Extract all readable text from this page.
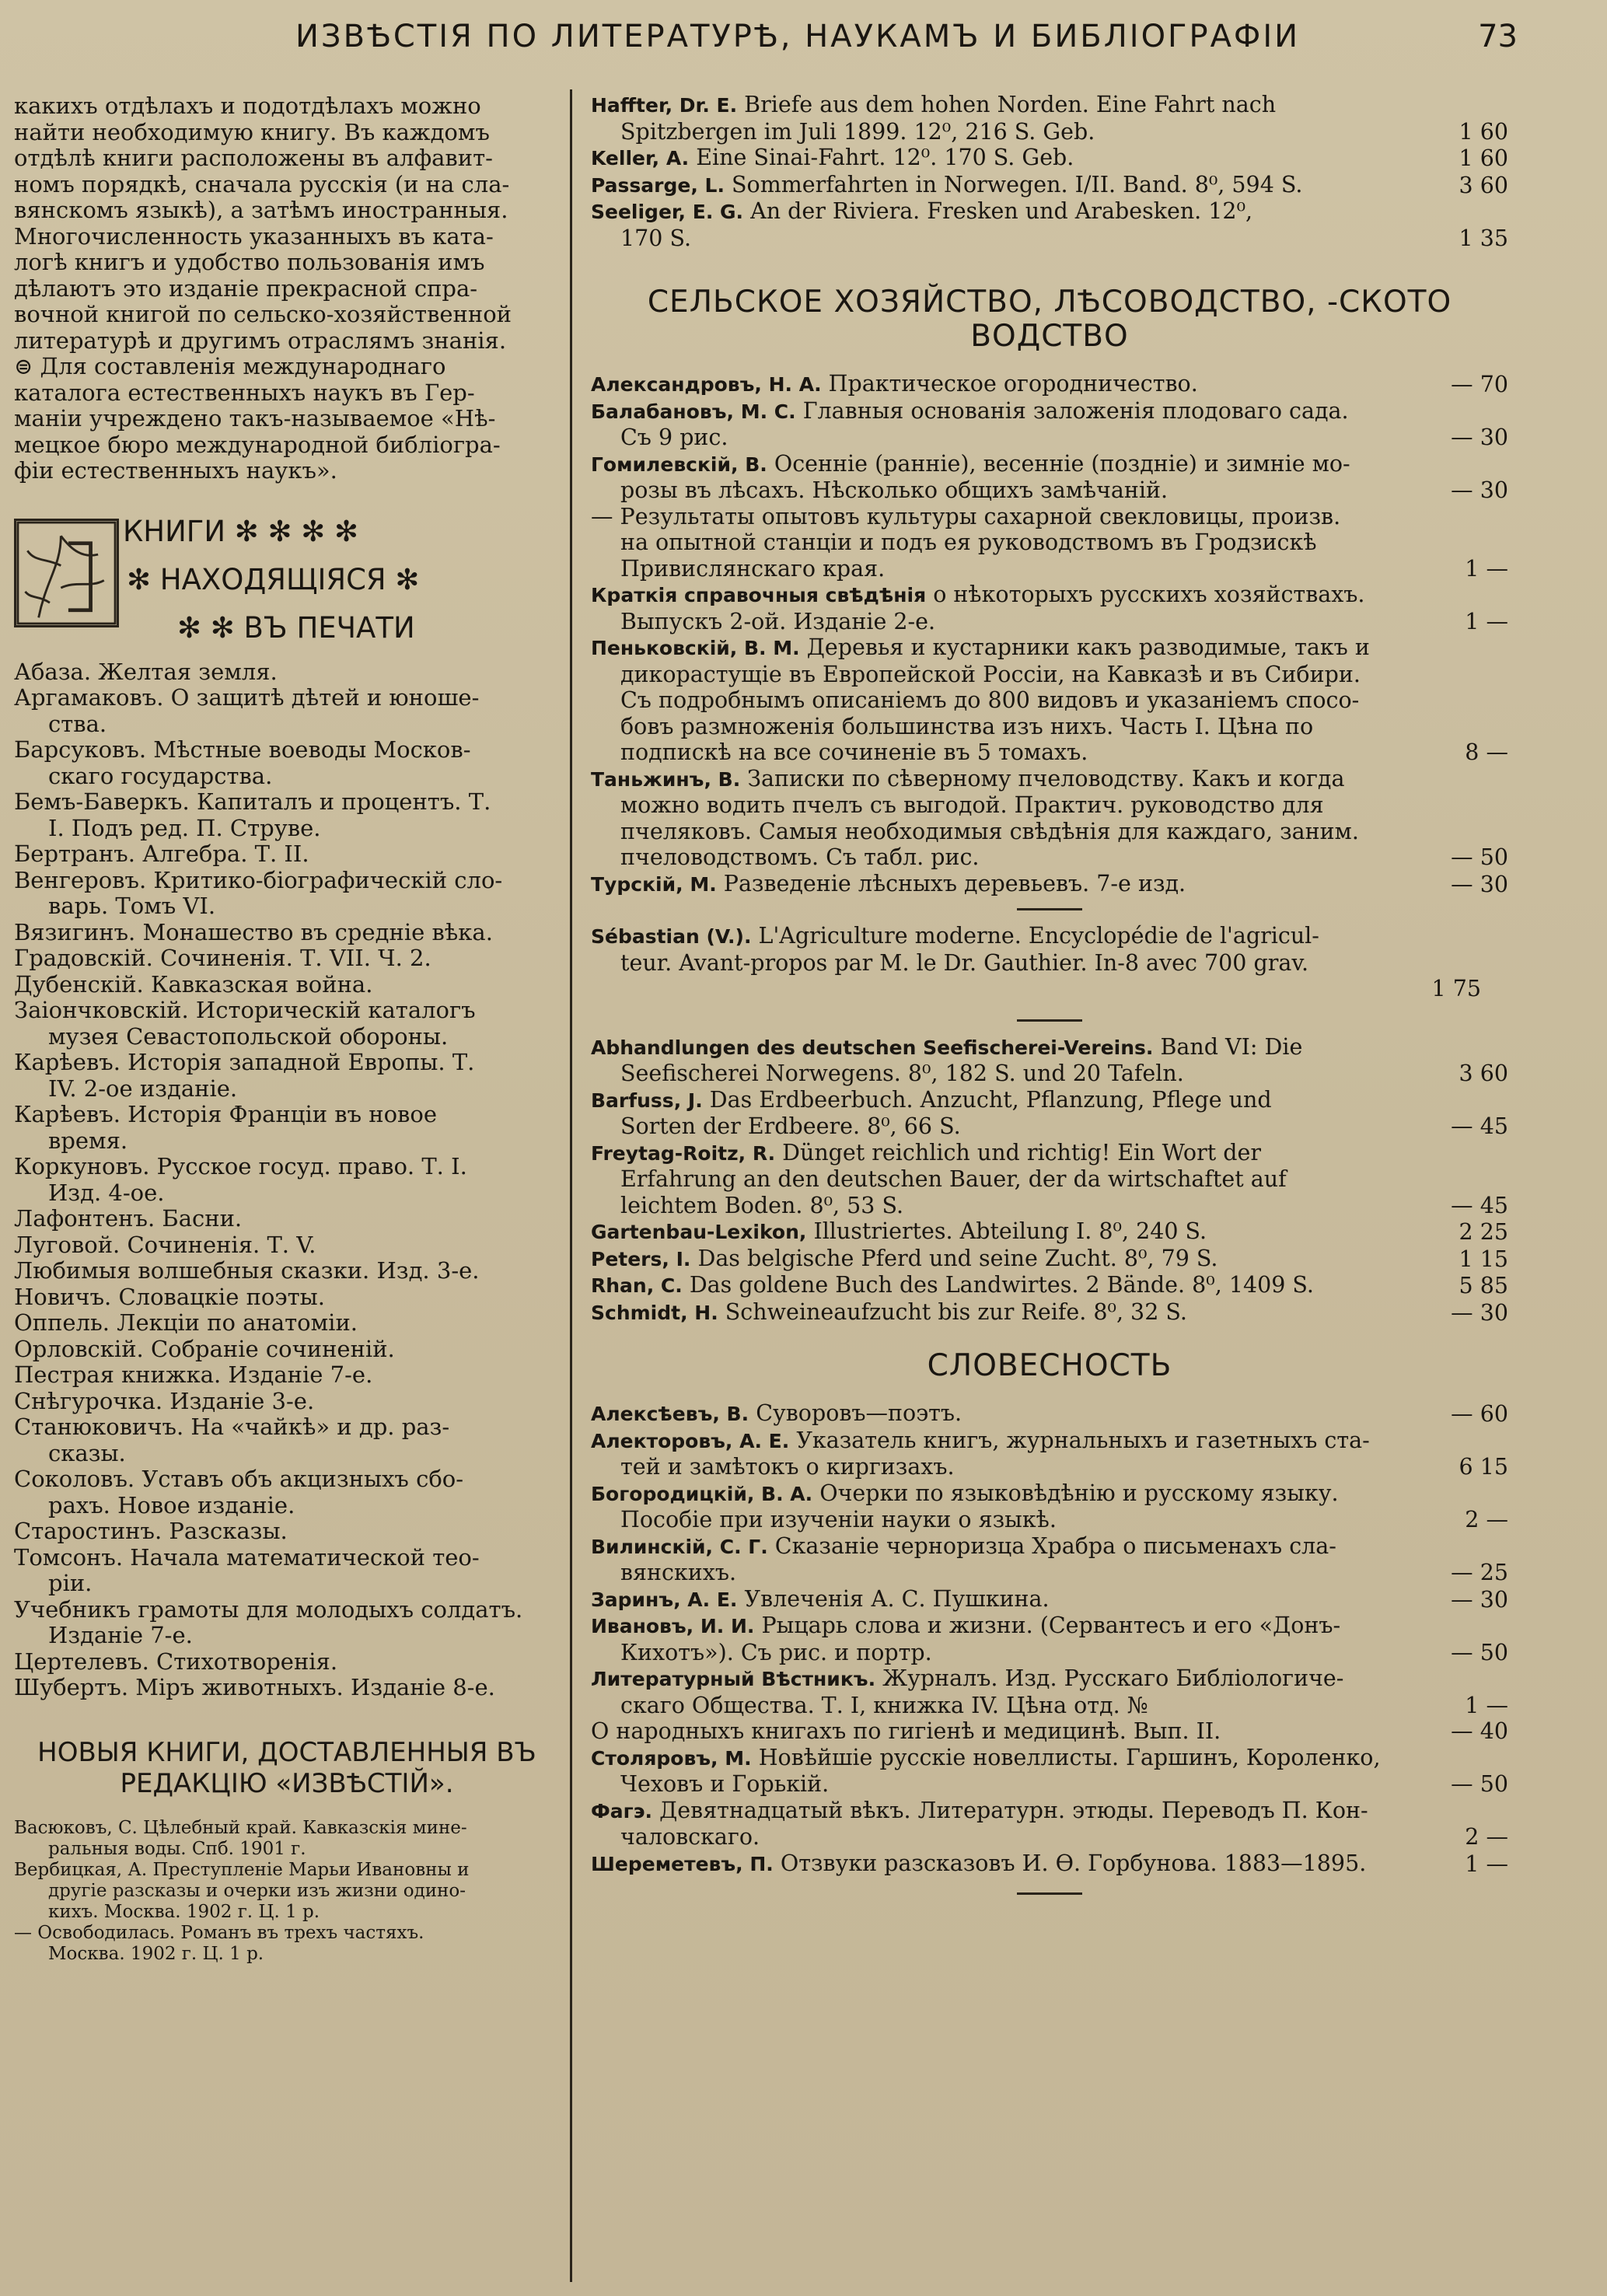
ИЗВѢСТІЯ ПО ЛИТЕРАТУРѢ, НАУКАМЪ И БИБЛІОГРАФІИ	73
какихъ отдѣлахъ и подотдѣлахъ можно
найти необходимую книгу. Въ каждомъ
отдѣлѣ книги расположены въ алфавит-
номъ порядкѣ, сначала русскія (и на сла-
вянскомъ языкѣ), а затѣмъ иностранныя.
Многочисленность указанныхъ въ ката-
логѣ книгъ и удобство пользованія имъ
дѣлаютъ это изданіе прекрасной спра-
вочной книгой по сельско-хозяйственной
литературѣ и другимъ отраслямъ знанія.
⊜ Для составленія международнаго
каталога естественныхъ наукъ въ Гер-
маніи учреждено такъ-называемое «Нѣ-
мецкое бюро международной библіогра-
фіи естественныхъ наукъ».
КНИГИ ✻ ✻ ✻ ✻
✻ НАХОДЯЩІЯСЯ ✻
✻ ✻ ВЪ ПЕЧАТИ
Абаза. Желтая земля.
Аргамаковъ. О защитѣ дѣтей и юноше-
ства.
Барсуковъ. Мѣстные воеводы Москов-
скаго государства.
Бемъ-Баверкъ. Капиталъ и процентъ. Т.
I. Подъ ред. П. Струве.
Бертранъ. Алгебра. Т. II.
Венгеровъ. Критико-біографическій сло-
варь. Томъ VI.
Вязигинъ. Монашество въ средніе вѣка.
Градовскій. Сочиненія. Т. VII. Ч. 2.
Дубенскій. Кавказская война.
Заіончковскій. Историческій каталогъ
музея Севастопольской обороны.
Карѣевъ. Исторія западной Европы. Т.
IV. 2-ое изданіе.
Карѣевъ. Исторія Франціи въ новое
время.
Коркуновъ. Русское госуд. право. Т. I.
Изд. 4-ое.
Лафонтенъ. Басни.
Луговой. Сочиненія. Т. V.
Любимыя волшебныя сказки. Изд. 3-е.
Новичъ. Словацкіе поэты.
Оппель. Лекціи по анатоміи.
Орловскій. Собраніе сочиненій.
Пестрая книжка. Изданіе 7-е.
Снѣгурочка. Изданіе 3-е.
Станюковичъ. На «чайкѣ» и др. раз-
сказы.
Соколовъ. Уставъ объ акцизныхъ сбо-
рахъ. Новое изданіе.
Старостинъ. Разсказы.
Томсонъ. Начала математической тео-
ріи.
Учебникъ грамоты для молодыхъ солдатъ.
Изданіе 7-е.
Цертелевъ. Стихотворенія.
Шубертъ. Міръ животныхъ. Изданіе 8-е.
НОВЫЯ КНИГИ, ДОСТАВЛЕННЫЯ ВЪ
РЕДАКЦІЮ «ИЗВѢСТІЙ».
Васюковъ, С. Цѣлебный край. Кавказскія мине-
ральныя воды. Спб. 1901 г.
Вербицкая, А. Преступленіе Марьи Ивановны и
другіе разсказы и очерки изъ жизни одино-
кихъ. Москва. 1902 г. Ц. 1 р.
— Освободилась. Романъ въ трехъ частяхъ.
Москва. 1902 г. Ц. 1 р.
Haffter, Dr. E. Briefe aus dem hohen Norden. Eine Fahrt nach
Spitzbergen im Juli 1899. 12⁰, 216 S. Geb.	1 60
Keller, A. Eine Sinai-Fahrt. 12⁰. 170 S. Geb.	1 60
Passarge, L. Sommerfahrten in Norwegen. I/II. Band. 8⁰, 594 S.	3 60
Seeliger, E. G. An der Riviera. Fresken und Arabesken. 12⁰,
170 S.	1 35
СЕЛЬСКОЕ ХОЗЯЙСТВО, ЛѢСОВОДСТВО, -СКОТО ВОДСТВО
Александровъ, Н. А. Практическое огородничество.	— 70
Балабановъ, М. С. Главныя основанія заложенія плодоваго сада.
Съ 9 рис.	— 30
Гомилевскій, В. Осенніе (ранніе), весенніе (поздніе) и зимніе мо-
розы въ лѣсахъ. Нѣсколько общихъ замѣчаній.	— 30
— Результаты опытовъ культуры сахарной свекловицы, произв.
на опытной станціи и подъ ея руководствомъ въ Гродзискѣ
Привислянскаго края.	1 —
Краткія справочныя свѣдѣнія о нѣкоторыхъ русскихъ хозяйствахъ.
Выпускъ 2-ой. Изданіе 2-е.	1 —
Пеньковскій, В. М. Деревья и кустарники какъ разводимые, такъ и
дикорастущіе въ Европейской Россіи, на Кавказѣ и въ Сибири.
Съ подробнымъ описаніемъ до 800 видовъ и указаніемъ спосо-
бовъ размноженія большинства изъ нихъ. Часть I. Цѣна по
подпискѣ на все сочиненіе въ 5 томахъ.	8 —
Таньжинъ, В. Записки по сѣверному пчеловодству. Какъ и когда
можно водить пчелъ съ выгодой. Практич. руководство для
пчеляковъ. Самыя необходимыя свѣдѣнія для каждаго, заним.
пчеловодствомъ. Съ табл. рис.	— 50
Турскій, М. Разведеніе лѣсныхъ деревьевъ. 7-е изд.	— 30
Sébastian (V.). L'Agriculture moderne. Encyclopédie de l'agricul-
teur. Avant-propos par M. le Dr. Gauthier. In-8 avec 700 grav.
1 75
Abhandlungen des deutschen Seefischerei-Vereins. Band VI: Die
Seefischerei Norwegens. 8⁰, 182 S. und 20 Tafeln.	3 60
Barfuss, J. Das Erdbeerbuch. Anzucht, Pflanzung, Pflege und
Sorten der Erdbeere. 8⁰, 66 S.	— 45
Freytag-Roitz, R. Dünget reichlich und richtig! Ein Wort der
Erfahrung an den deutschen Bauer, der da wirtschaftet auf
leichtem Boden. 8⁰, 53 S.	— 45
Gartenbau-Lexikon, Illustriertes. Abteilung I. 8⁰, 240 S.	2 25
Peters, I. Das belgische Pferd und seine Zucht. 8⁰, 79 S.	1 15
Rhan, C. Das goldene Buch des Landwirtes. 2 Bände. 8⁰, 1409 S.	5 85
Schmidt, H. Schweineaufzucht bis zur Reife. 8⁰, 32 S.	— 30
СЛОВЕСНОСТЬ
Алексѣевъ, В. Суворовъ—поэтъ.	— 60
Алекторовъ, А. Е. Указатель книгъ, журнальныхъ и газетныхъ ста-
тей и замѣтокъ о киргизахъ.	6 15
Богородицкій, В. А. Очерки по языковѣдѣнію и русскому языку.
Пособіе при изученіи науки о языкѣ.	2 —
Вилинскій, С. Г. Сказаніе черноризца Храбра о письменахъ сла-
вянскихъ.	— 25
Заринъ, А. Е. Увлеченія А. С. Пушкина.	— 30
Ивановъ, И. И. Рыцарь слова и жизни. (Сервантесъ и его «Донъ-
Кихотъ»). Съ рис. и портр.	— 50
Литературный Вѣстникъ. Журналъ. Изд. Русскаго Библіологиче-
скаго Общества. Т. I, книжка IV. Цѣна отд. №	1 —
О народныхъ книгахъ по гигіенѣ и медицинѣ. Вып. II.	— 40
Столяровъ, М. Новѣйшіе русскіе новеллисты. Гаршинъ, Короленко,
Чеховъ и Горькій.	— 50
Фагэ. Девятнадцатый вѣкъ. Литературн. этюды. Переводъ П. Кон-
чаловскаго.	2 —
Шереметевъ, П. Отзвуки разсказовъ И. Ѳ. Горбунова. 1883—1895.	1 —
